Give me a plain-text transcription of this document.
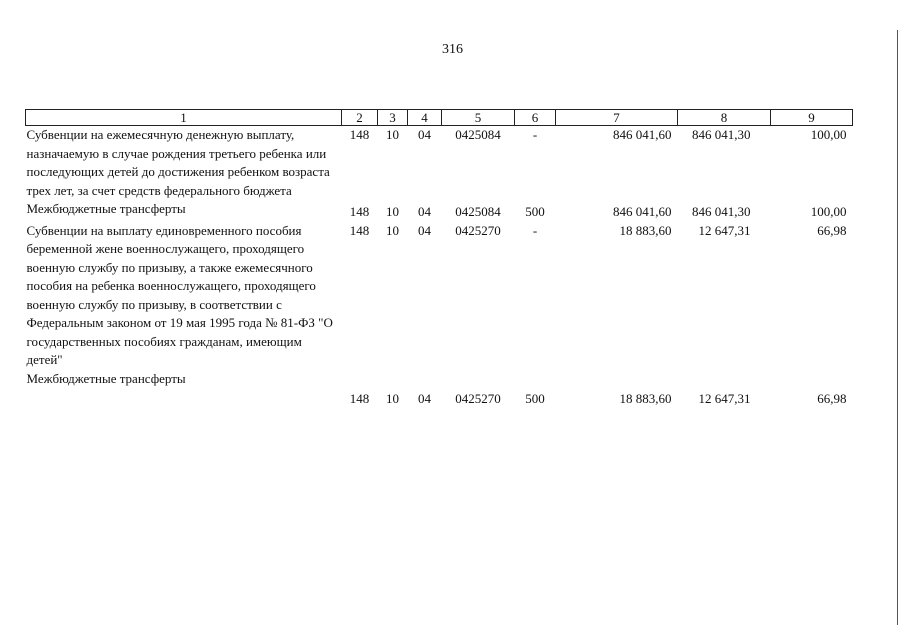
316
1	2	3	4	5	6	7	8	9
Субвенции на ежемесячную денежную выплату, назначаемую в случае рождения третьего ребенка или последующих детей до достижения ребенком возраста трех лет, за счет средств федерального бюджета	148	10	04	0425084	-	846 041,60	846 041,30	100,00
Межбюджетные трансферты	148	10	04	0425084	500	846 041,60	846 041,30	100,00
Субвенции на выплату единовременного пособия беременной жене военнослужащего, проходящего военную службу по призыву, а также ежемесячного пособия на ребенка военнослужащего, проходящего военную службу по призыву, в соответствии с Федеральным законом от 19 мая 1995 года № 81-ФЗ "О государственных пособиях гражданам, имеющим детей"	148	10	04	0425270	-	18 883,60	12 647,31	66,98
Межбюджетные трансферты	148	10	04	0425270	500	18 883,60	12 647,31	66,98
